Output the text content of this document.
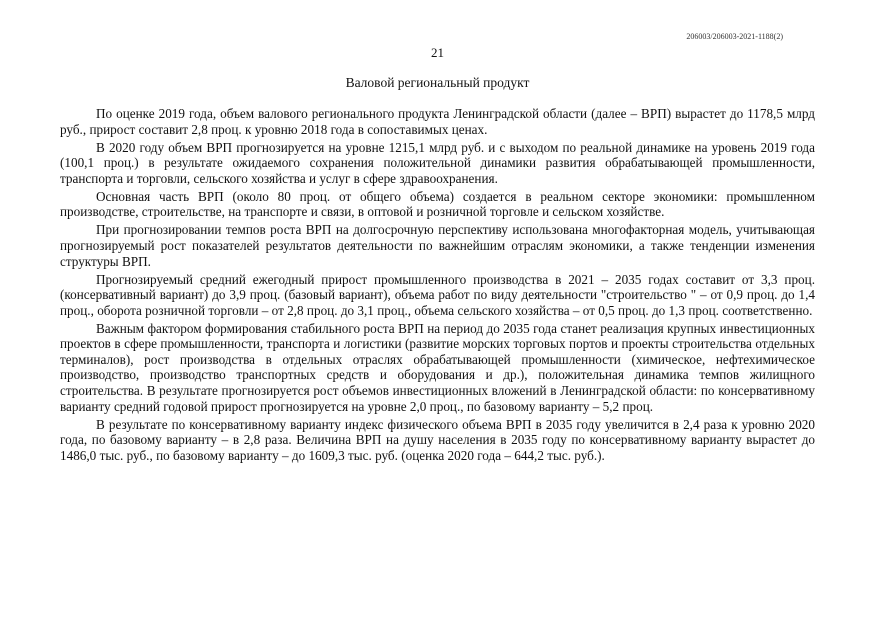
206003/206003-2021-1188(2)
21
Валовой региональный продукт

По оценке 2019 года, объем валового регионального продукта Ленинградской области (далее – ВРП) вырастет до 1178,5 млрд руб., прирост составит 2,8 проц. к уровню 2018 года в сопоставимых ценах.

В 2020 году объем ВРП прогнозируется на уровне 1215,1 млрд руб. и с выходом по реальной динамике на уровень 2019 года (100,1 проц.) в результате ожидаемого сохранения положительной динамики развития обрабатывающей промышленности, транспорта и торговли, сельского хозяйства и услуг в сфере здравоохранения.

Основная часть ВРП (около 80 проц. от общего объема) создается в реальном секторе экономики: промышленном производстве, строительстве, на транспорте и связи, в оптовой и розничной торговле и сельском хозяйстве.

При прогнозировании темпов роста ВРП на долгосрочную перспективу использована многофакторная модель, учитывающая прогнозируемый рост показателей результатов деятельности по важнейшим отраслям экономики, а также тенденции изменения структуры ВРП.

Прогнозируемый средний ежегодный прирост промышленного производства в 2021 – 2035 годах составит от 3,3 проц. (консервативный вариант) до 3,9 проц. (базовый вариант), объема работ по виду деятельности "строительство " – от 0,9 проц. до 1,4 проц., оборота розничной торговли – от 2,8 проц. до 3,1 проц., объема сельского хозяйства – от 0,5 проц. до 1,3 проц. соответственно.

Важным фактором формирования стабильного роста ВРП на период до 2035 года станет реализация крупных инвестиционных проектов в сфере промышленности, транспорта и логистики (развитие морских торговых портов и проекты строительства отдельных терминалов), рост производства в отдельных отраслях обрабатывающей промышленности (химическое, нефтехимическое производство, производство транспортных средств и оборудования и др.), положительная динамика темпов жилищного строительства. В результате прогнозируется рост объемов инвестиционных вложений в Ленинградской области: по консервативному варианту средний годовой прирост прогнозируется на уровне 2,0 проц., по базовому варианту – 5,2 проц.

В результате по консервативному варианту индекс физического объема ВРП в 2035 году увеличится в 2,4 раза к уровню 2020 года, по базовому варианту – в 2,8 раза. Величина ВРП на душу населения в 2035 году по консервативному варианту вырастет до 1486,0 тыс. руб., по базовому варианту – до 1609,3 тыс. руб. (оценка 2020 года – 644,2 тыс. руб.).
